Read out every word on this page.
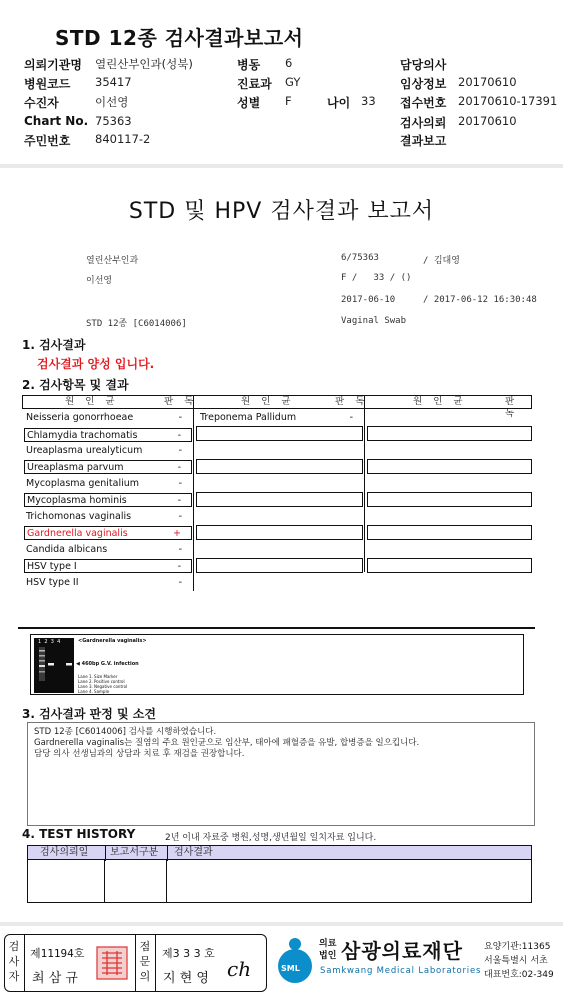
STD 12종 검사결과보고서
의뢰기관명 열린산부인과(성북)	병동 6	담당의사
병원코드 35417	진료과 GY	임상정보 20170610
수진자	이선영	성별 F	나이 33 접수번호 20170610-17391
Chart No. 75363	검사의뢰 20170610
주민번호 840117-2	결과보고
STD 및 HPV 검사결과 보고서
열린산부인과	6/75363	/ 김대영
이선영	F /   33 / ()
2017-06-10	/ 2017-06-12 16:30:48
STD 12종 [C6014006]	Vaginal Swab
1. 검사결과
검사결과 양성 입니다.
2. 검사항목 및 결과
원 인 균	판 독	원 인 균	판 독	원 인 균	판 독
Neisseria gonorrhoeae	-
Chlamydia trachomatis	-
Ureaplasma urealyticum	-
Ureaplasma parvum	-
Mycoplasma genitalium	-
Mycoplasma hominis	-
Trichomonas vaginalis	-
Gardnerella vaginalis	+
Candida albicans	-
HSV type I	-
HSV type II	-
Treponema Pallidum	-
1  2  3  4	<Gardnerella vaginalis>
◀ 460bp G.V. infection
Lane 1. Size Marker
Lane 2. Positive control
Lane 3. Negative control
Lane 4. Sample
3. 검사결과 판정 및 소견
STD 12종 [C6014006] 검사를 시행하였습니다.
Gardnerella vaginalis는 질염의 주요 원인균으로 임산부, 태아에 패혈증을 유발, 합병증을 일으킵니다.
담당 의사 선생님과의 상담과 치료 후 재검을 권장합니다.
4. TEST HISTORY	2년 이내 자료중 병원,성명,생년월일 일치자료 입니다.
검사의뢰일 보고서구분 검사결과
검사자
제11194호
최 삼 규
점문의
제3 3 3 호
지 현 영 ch	SML
의료
법인 삼광의료재단
Samkwang Medical Laboratories
요양기관:11365
서울특별시 서초
대표번호:02-349
